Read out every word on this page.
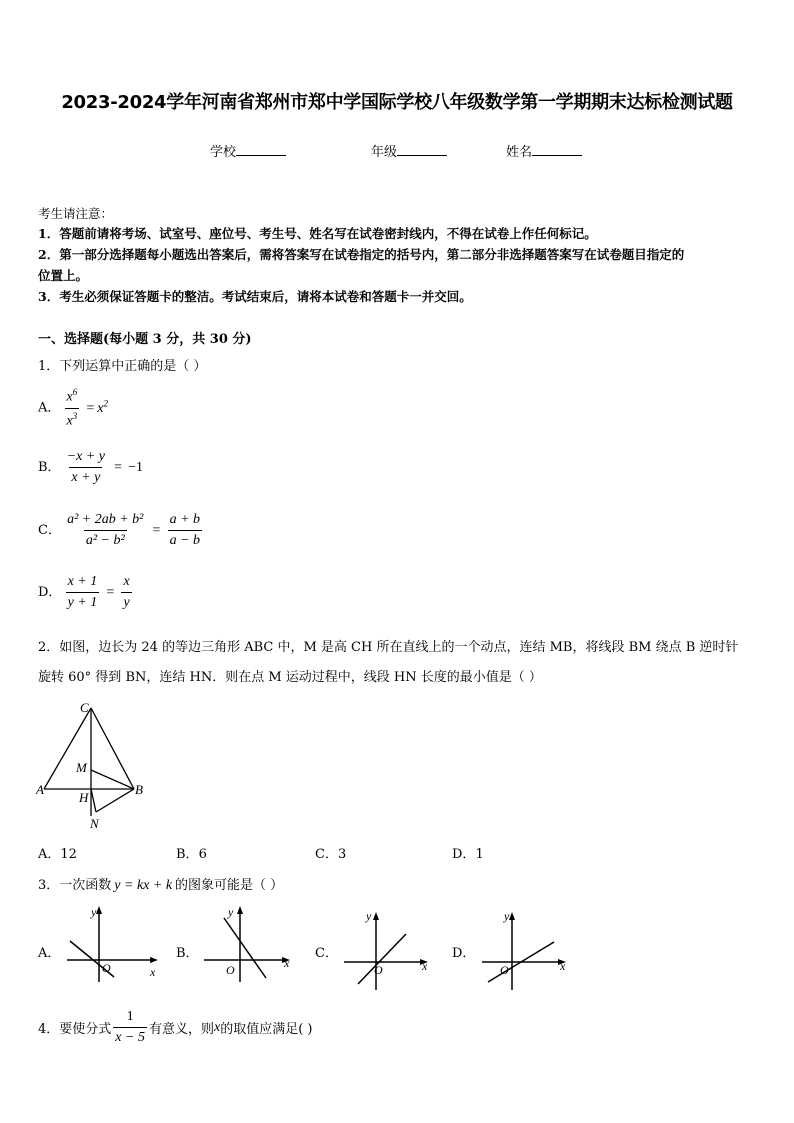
2023-2024学年河南省郑州市郑中学国际学校八年级数学第一学期期末达标检测试题
学校	年级	姓名
考生请注意：
1．答题前请将考场、试室号、座位号、考生号、姓名写在试卷密封线内，不得在试卷上作任何标记。
2．第一部分选择题每小题选出答案后，需将答案写在试卷指定的括号内，第二部分非选择题答案写在试卷题目指定的
位置上。
3．考生必须保证答题卡的整洁。考试结束后，请将本试卷和答题卡一并交回。
一、选择题(每小题 3 分，共 30 分)
1．下列运算中正确的是（ ）
A． $\frac{x^6}{x^3} = x^2$
B． $\frac{-x + y}{x + y} = -1$
C． $\frac{\text{a² + 2ab + b²}}{\text{a² − b²}} = \frac{a + b}{a - b}$
D． $\frac{x + 1}{y + 1} = \frac{x}{y}$
2．如图，边长为 24 的等边三角形 ABC 中，M 是高 CH 所在直线上的一个动点，连结 MB，将线段 BM 绕点 B 逆时针
旋转 60° 得到 BN，连结 HN．则在点 M 运动过程中，线段 HN 长度的最小值是（ ）
C
M
A
H
B
N
A．12	B．6	C．3	D．1
3．一次函数 y = kx + k 的图象可能是（ ）
A．
y
x
O
B．
y
x
O
C．
y
x
O
D．
y
x
O
4．要使分式 $\frac{1}{x - 5}$ 有意义，则 x 的取值应满足( )
